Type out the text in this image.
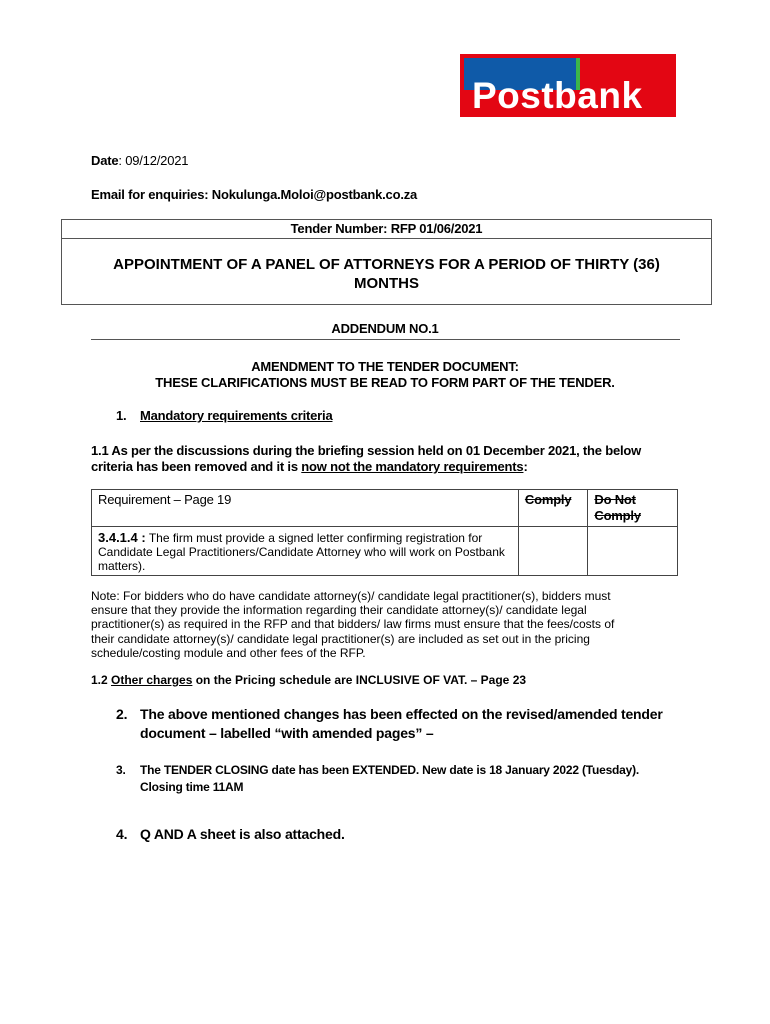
Postbank
Date: 09/12/2021
Email for enquiries: Nokulunga.Moloi@postbank.co.za
Tender Number: RFP 01/06/2021
APPOINTMENT OF A PANEL OF ATTORNEYS FOR A PERIOD OF THIRTY (36)
MONTHS
ADDENDUM NO.1
AMENDMENT TO THE TENDER DOCUMENT:
THESE CLARIFICATIONS MUST BE READ TO FORM PART OF THE TENDER.
1. Mandatory requirements criteria
1.1 As per the discussions during the briefing session held on 01 December 2021, the below
criteria has been removed and it is now not the mandatory requirements:
Requirement – Page 19	Comply	Do Not
Comply

3.4.1.4 : The firm must provide a signed letter confirming registration for Candidate Legal Practitioners/Candidate Attorney who will work on Postbank matters).		
Note: For bidders who do have candidate attorney(s)/ candidate legal practitioner(s), bidders must
ensure that they provide the information regarding their candidate attorney(s)/ candidate legal
practitioner(s) as required in the RFP and that bidders/ law firms must ensure that the fees/costs of
their candidate attorney(s)/ candidate legal practitioner(s) are included as set out in the pricing
schedule/costing module and other fees of the RFP.
1.2 Other charges on the Pricing schedule are INCLUSIVE OF VAT. – Page 23
2. The above mentioned changes has been effected on the revised/amended tender
document – labelled “with amended pages” –
3. The TENDER CLOSING date has been EXTENDED. New date is 18 January 2022 (Tuesday).
Closing time 11AM
4. Q AND A sheet is also attached.
